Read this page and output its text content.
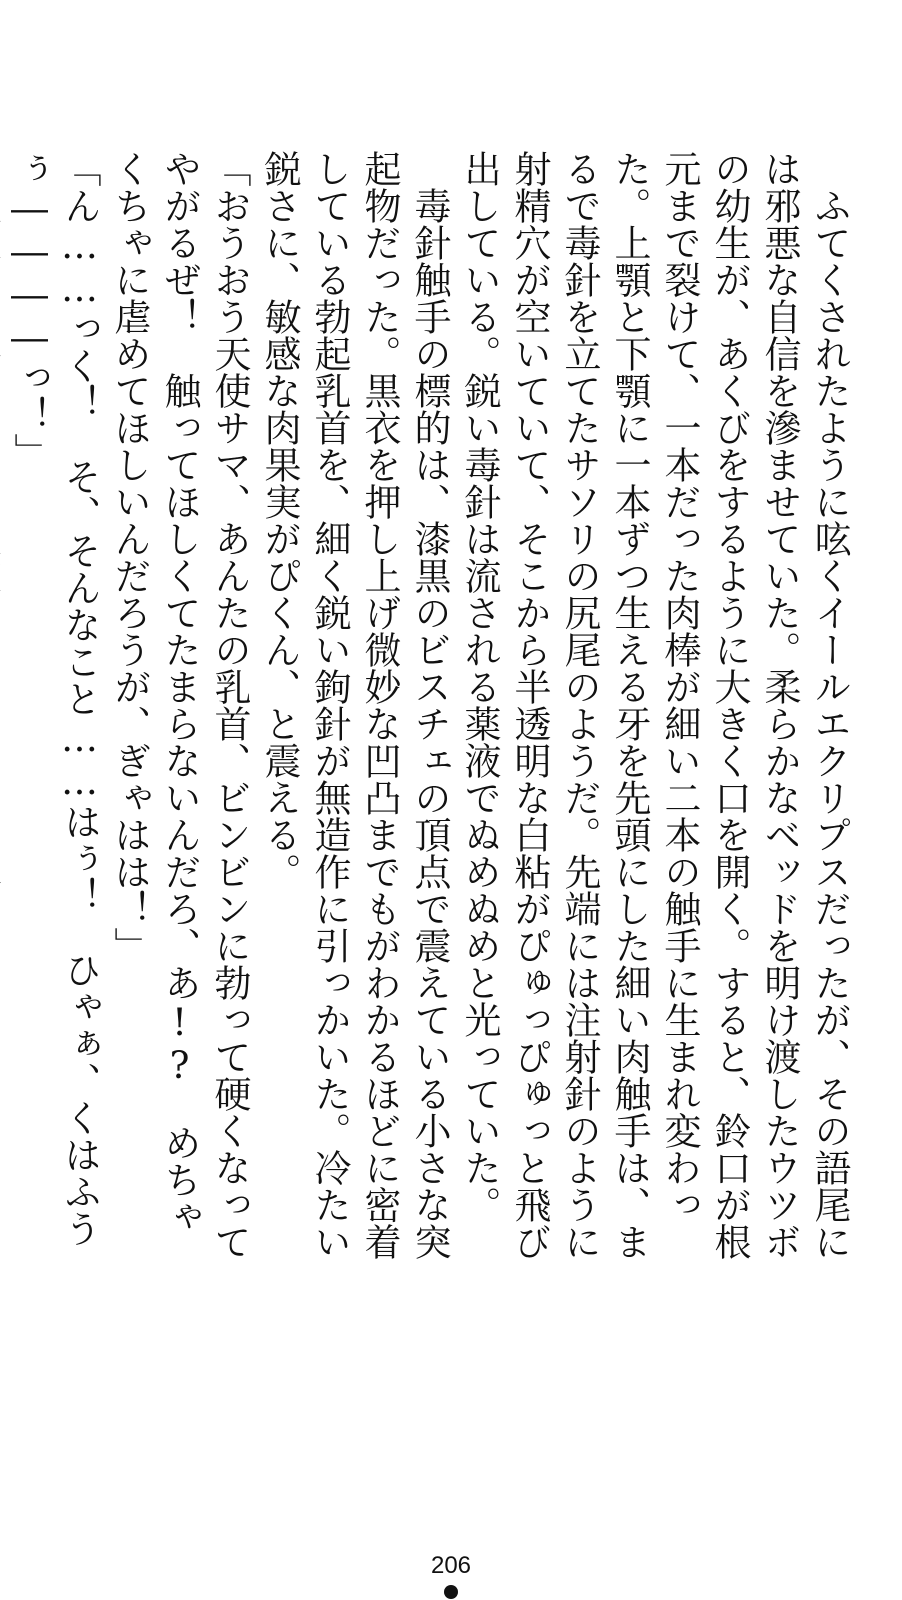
　ふてくされたように呟くイールエクリプスだったが、その語尾には邪悪な自信を滲ませていた。柔らかなベッドを明け渡したウツボの幼生が、あくびをするように大きく口を開く。すると、鈴口が根元まで裂けて、一本だった肉棒が細い二本の触手に生まれ変わった。上顎と下顎に一本ずつ生える牙を先頭にした細い肉触手は、まるで毒針を立てたサソリの尻尾のようだ。先端には注射針のように射精穴が空いていて、そこから半透明な白粘がぴゅっぴゅっと飛び出している。鋭い毒針は流される薬液でぬめぬめと光っていた。

　毒針触手の標的は、漆黒のビスチェの頂点で震えている小さな突起物だった。黒衣を押し上げ微妙な凹凸までもがわかるほどに密着している勃起乳首を、細く鋭い鉤針が無造作に引っかいた。冷たい鋭さに、敏感な肉果実がぴくん、と震える。

「おうおう天使サマ、あんたの乳首、ビンビンに勃って硬くなってやがるぜ！　触ってほしくてたまらないんだろ、あ!?　めちゃくちゃに虐めてほしいんだろうが、ぎゃはは！」

「ん……っく！　そ、そんなこと……はぅ！　ひゃぁ、くはふうぅ――――っ！」

206
